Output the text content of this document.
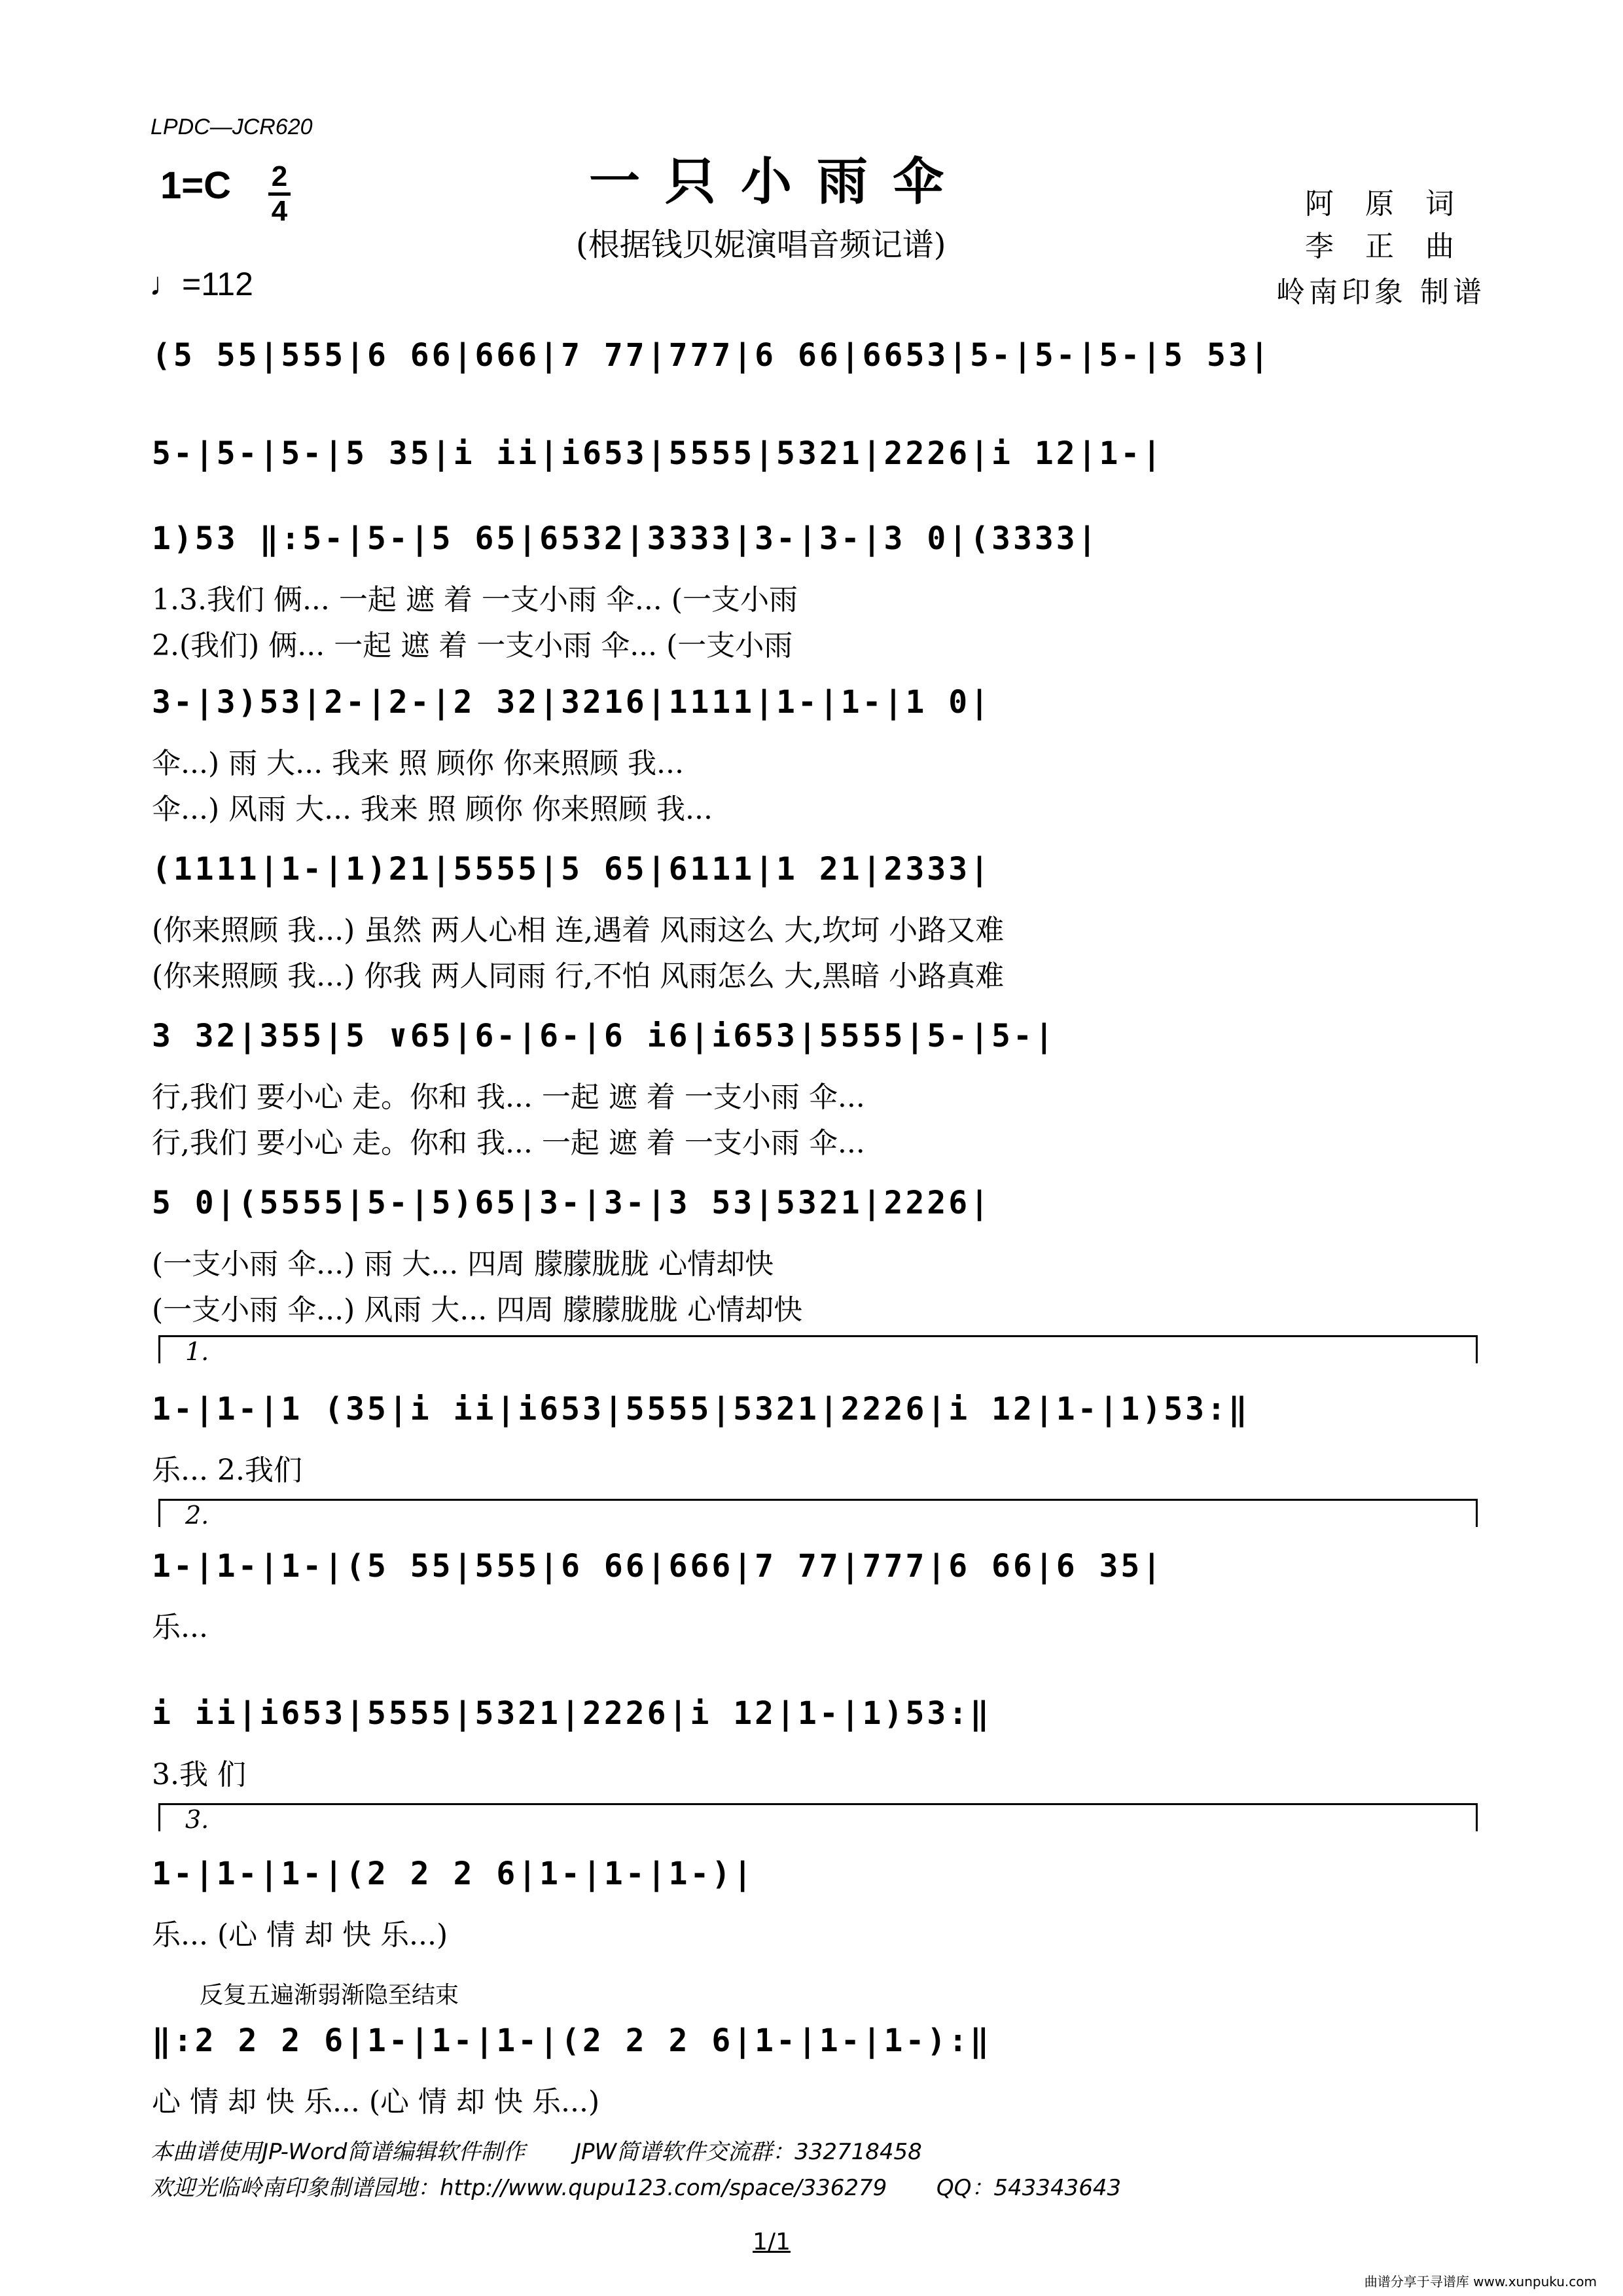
LPDC—JCR620
1=C 2
4
♩=112
一只小雨伞
(根据钱贝妮演唱音频记谱)
阿原词
李正曲
岭南印象 制谱
(5 55|555|6 66|666|7 77|777|6 66|6653|5-|5-|5-|5 53|
5-|5-|5-|5 35|i ii|i653|5555|5321|2226|i 12|1-|
1)53 ‖:5-|5-|5 65|6532|3333|3-|3-|3 0|(3333|
1.3.我们 俩... 一起 遮 着 一支小雨 伞... (一支小雨
2.(我们) 俩... 一起 遮 着 一支小雨 伞... (一支小雨
3-|3)53|2-|2-|2 32|3216|1111|1-|1-|1 0|
伞...) 雨 大... 我来 照 顾你 你来照顾 我...
伞...) 风雨 大... 我来 照 顾你 你来照顾 我...
(1111|1-|1)21|5555|5 65|6111|1 21|2333|
(你来照顾 我...) 虽然 两人心相 连,遇着 风雨这么 大,坎坷 小路又难
(你来照顾 我...) 你我 两人同雨 行,不怕 风雨怎么 大,黑暗 小路真难
3 32|355|5 ∨65|6-|6-|6 i6|i653|5555|5-|5-|
行,我们 要小心 走。你和 我... 一起 遮 着 一支小雨 伞...
行,我们 要小心 走。你和 我... 一起 遮 着 一支小雨 伞...
5 0|(5555|5-|5)65|3-|3-|3 53|5321|2226|
(一支小雨 伞...) 雨 大... 四周 朦朦胧胧 心情却快
(一支小雨 伞...) 风雨 大... 四周 朦朦胧胧 心情却快
1.
1-|1-|1 (35|i ii|i653|5555|5321|2226|i 12|1-|1)53:‖
乐... 2.我们
2.
1-|1-|1-|(5 55|555|6 66|666|7 77|777|6 66|6 35|
乐...
i ii|i653|5555|5321|2226|i 12|1-|1)53:‖
3.我 们
3.
1-|1-|1-|(2 2 2 6|1-|1-|1-)|
乐... (心 情 却 快 乐...)
反复五遍渐弱渐隐至结束
‖:2 2 2 6|1-|1-|1-|(2 2 2 6|1-|1-|1-):‖
心 情 却 快 乐... (心 情 却 快 乐...)
本曲谱使用JP-Word简谱编辑软件制作       JPW简谱软件交流群：332718458
欢迎光临岭南印象制谱园地：http://www.qupu123.com/space/336279       QQ：543343643
1/1
曲谱分享于寻谱库 www.xunpuku.com
